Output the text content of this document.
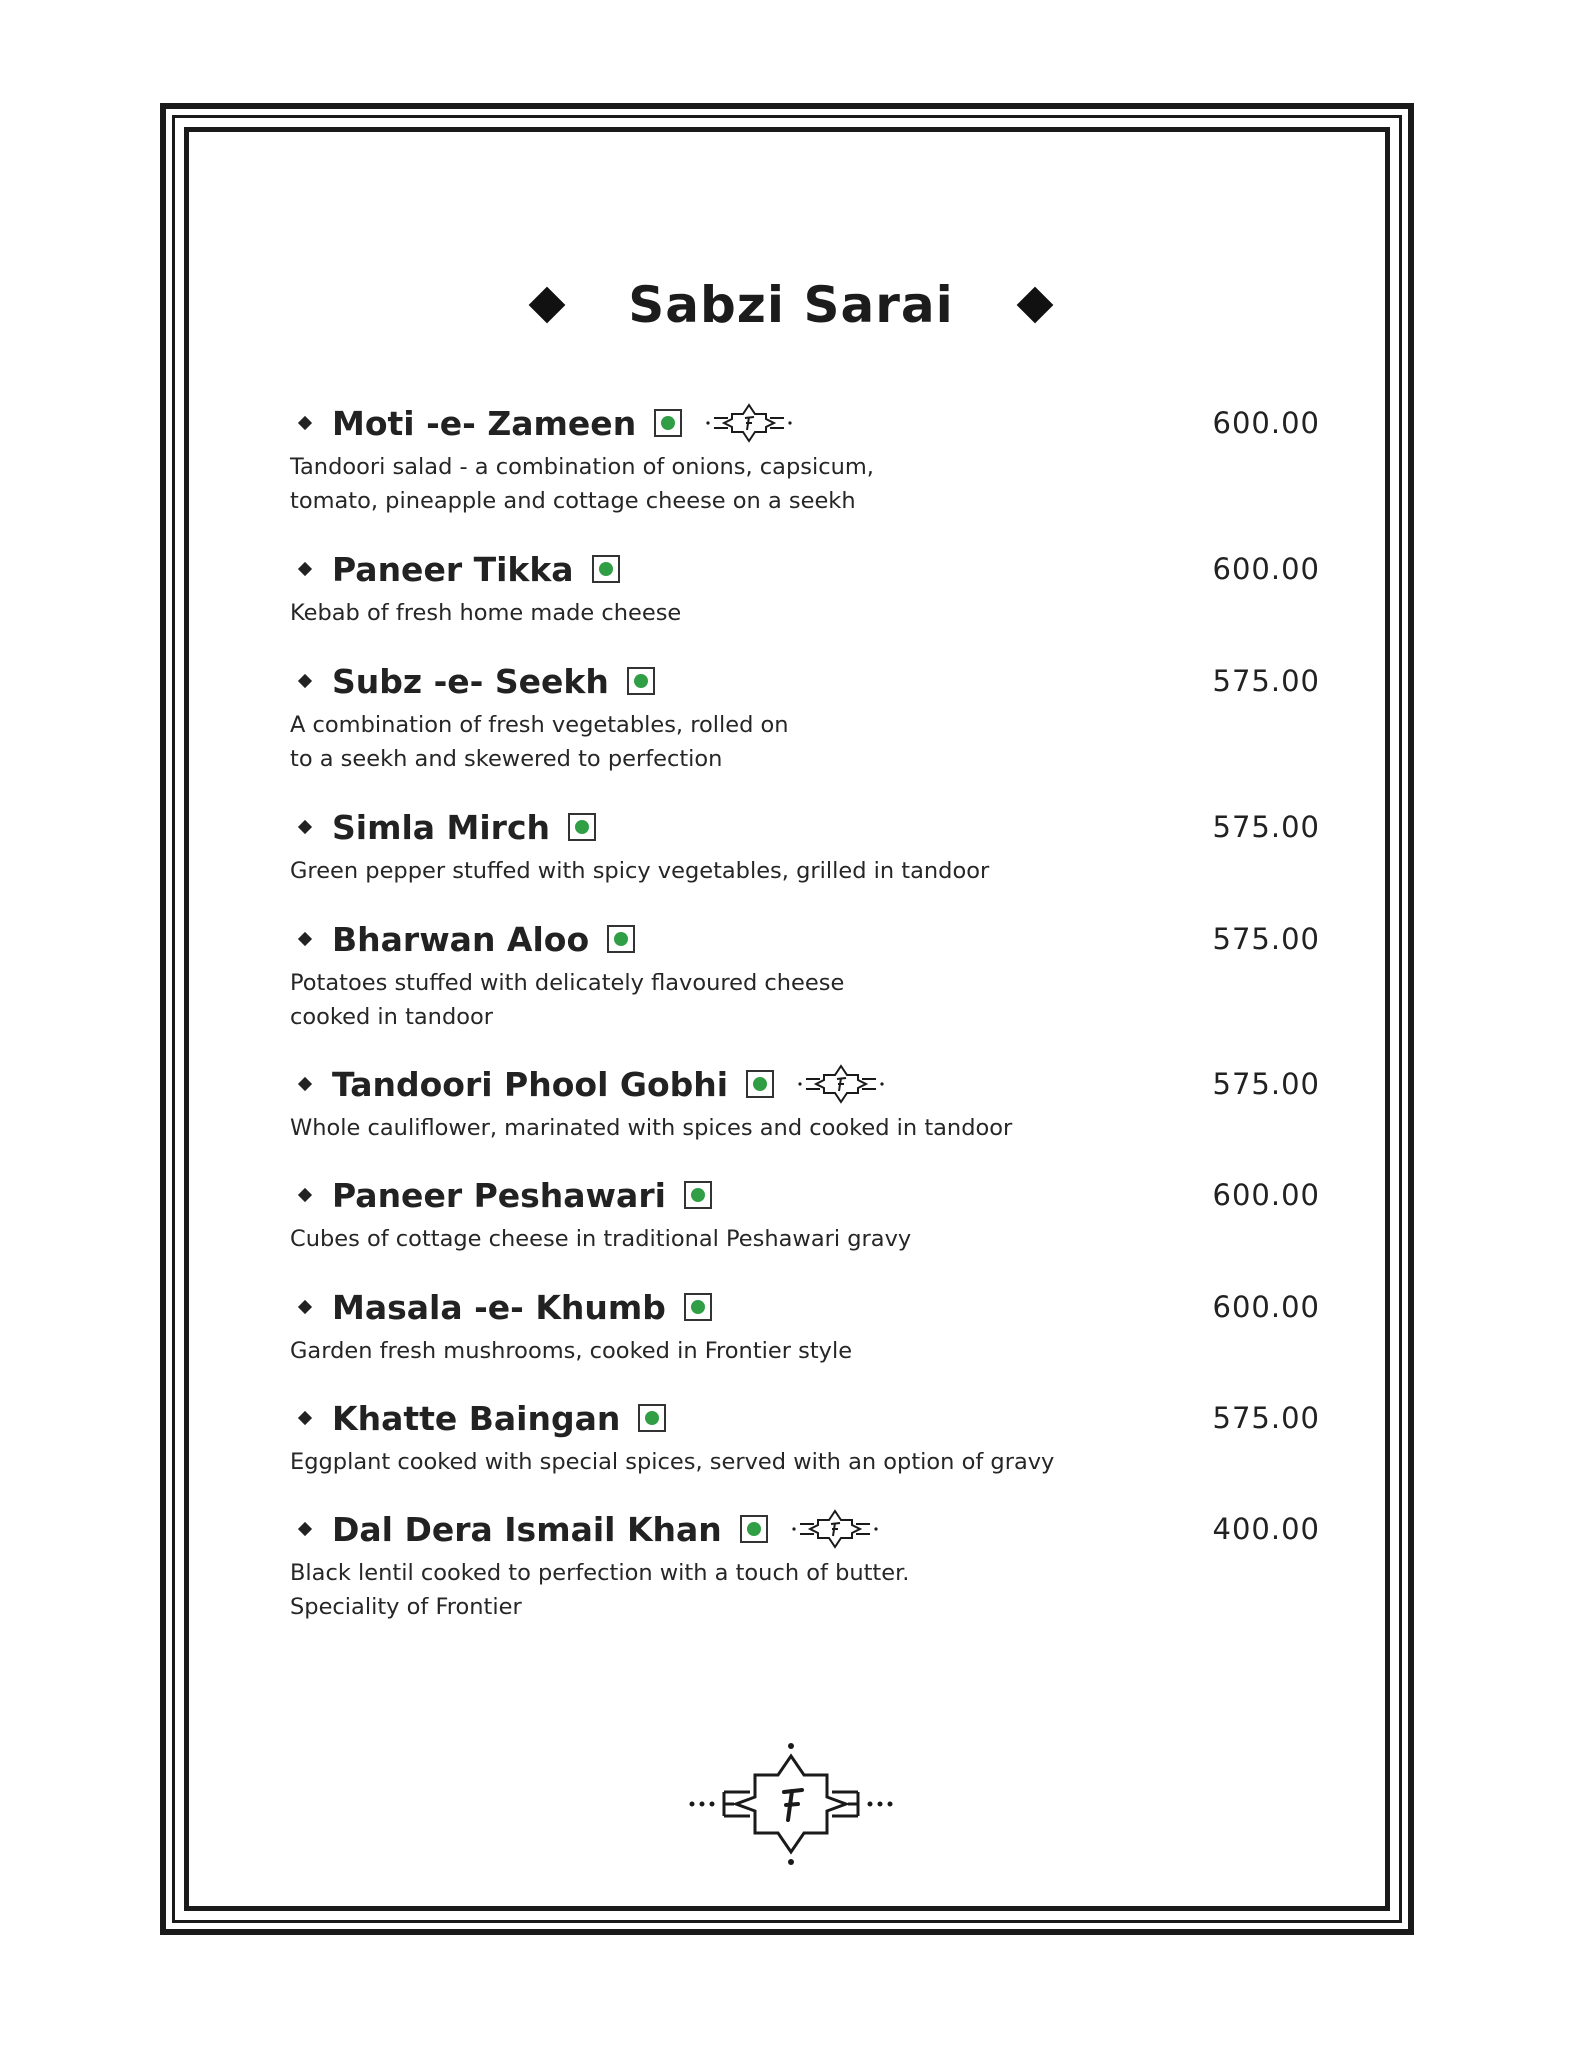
Sabzi Sarai
Moti -e- Zameen	600.00
Tandoori salad - a combination of onions, capsicum,
tomato, pineapple and cottage cheese on a seekh
Paneer Tikka	600.00
Kebab of fresh home made cheese
Subz -e- Seekh	575.00
A combination of fresh vegetables, rolled on
to a seekh and skewered to perfection
Simla Mirch	575.00
Green pepper stuffed with spicy vegetables, grilled in tandoor
Bharwan Aloo	575.00
Potatoes stuffed with delicately flavoured cheese
cooked in tandoor
Tandoori Phool Gobhi	575.00
Whole cauliflower, marinated with spices and cooked in tandoor
Paneer Peshawari	600.00
Cubes of cottage cheese in traditional Peshawari gravy
Masala -e- Khumb	600.00
Garden fresh mushrooms, cooked in Frontier style
Khatte Baingan	575.00
Eggplant cooked with special spices, served with an option of gravy
Dal Dera Ismail Khan	400.00
Black lentil cooked to perfection with a touch of butter.
Speciality of Frontier
